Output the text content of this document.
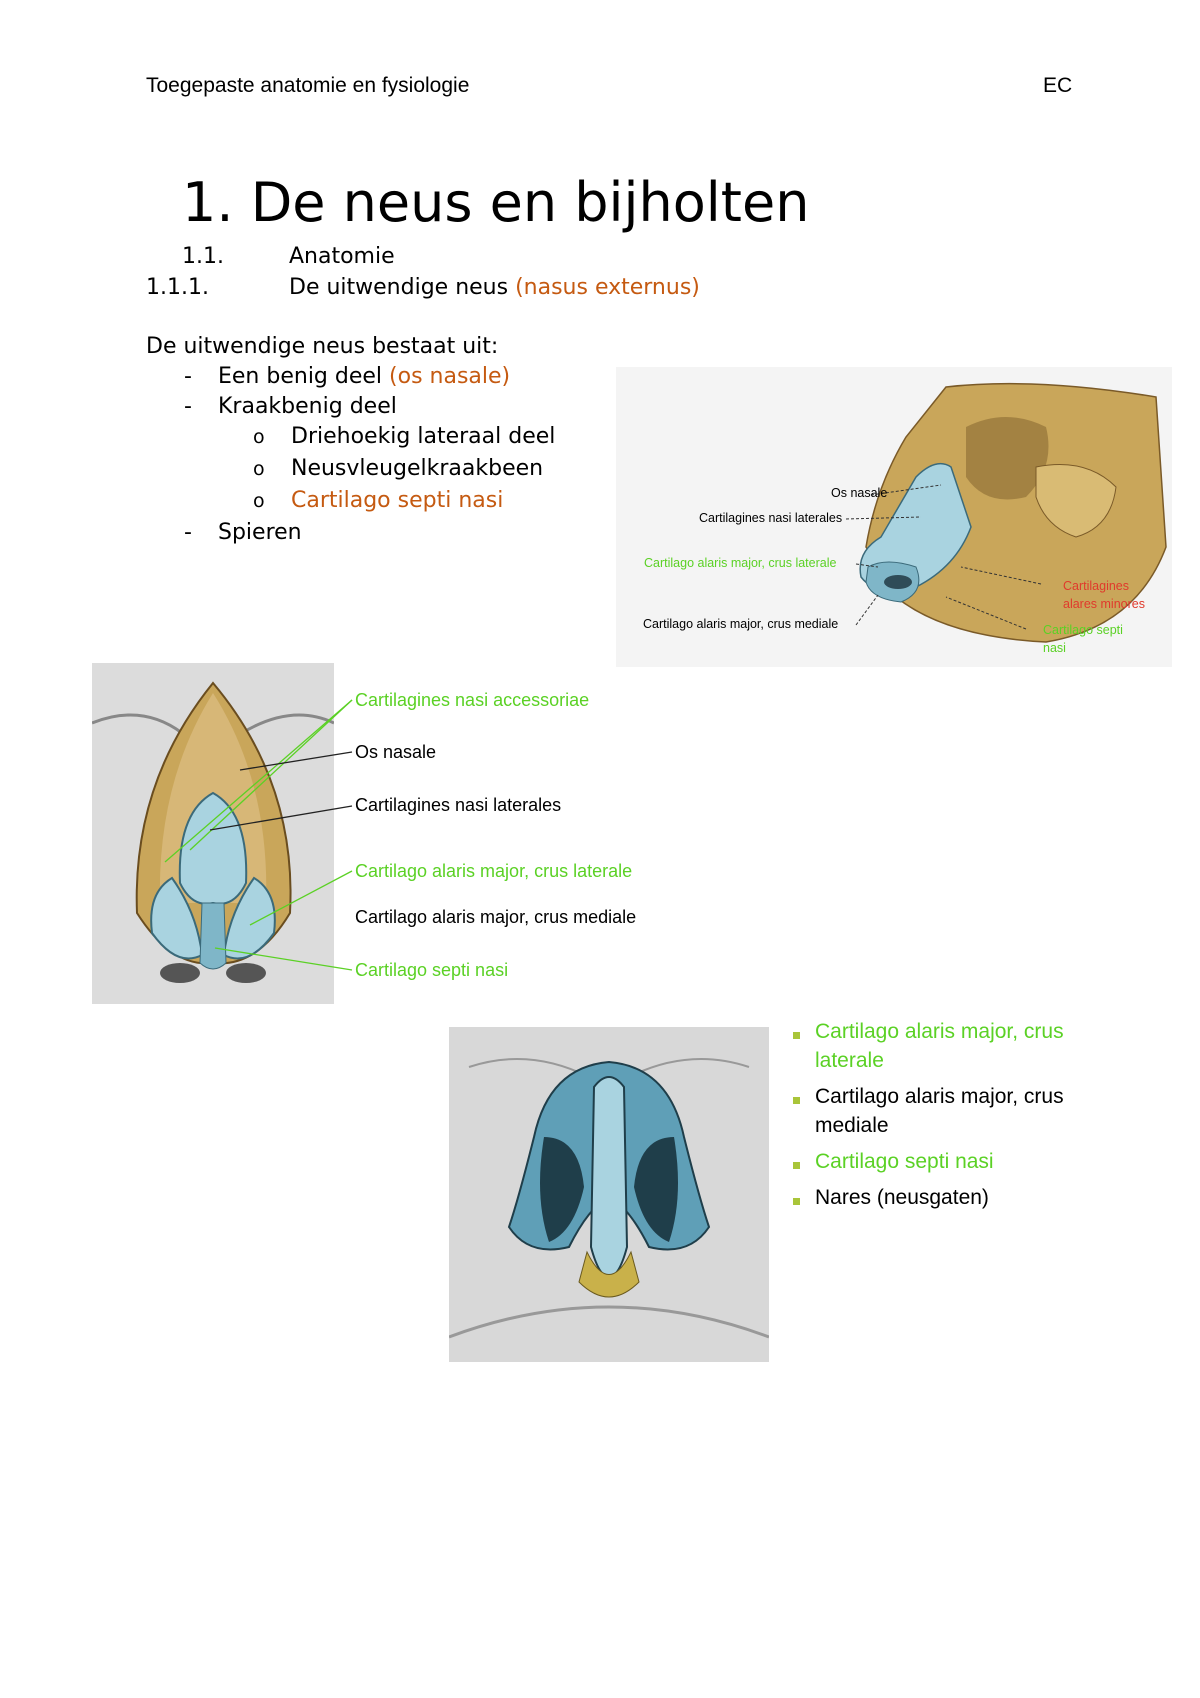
Toegepaste anatomie en fysiologie	EC
1. De neus en bijholten
1.1.	Anatomie
1.1.1.	De uitwendige neus (nasus externus)
De uitwendige neus bestaat uit:
- Een benig deel (os nasale)
- Kraakbenig deel
o Driehoekig lateraal deel
o Neusvleugelkraakbeen
o Cartilago septi nasi
- Spieren
Os nasale
Cartilagines nasi laterales
Cartilago alaris major, crus laterale
Cartilago alaris major, crus mediale
Cartilagines
alares minores
Cartilago septi
nasi
Cartilagines nasi accessoriae
Os nasale
Cartilagines nasi laterales
Cartilago alaris major, crus laterale
Cartilago alaris major, crus mediale
Cartilago septi nasi
Cartilago alaris major, crus
laterale
Cartilago alaris major, crus
mediale
Cartilago septi nasi
Nares (neusgaten)
